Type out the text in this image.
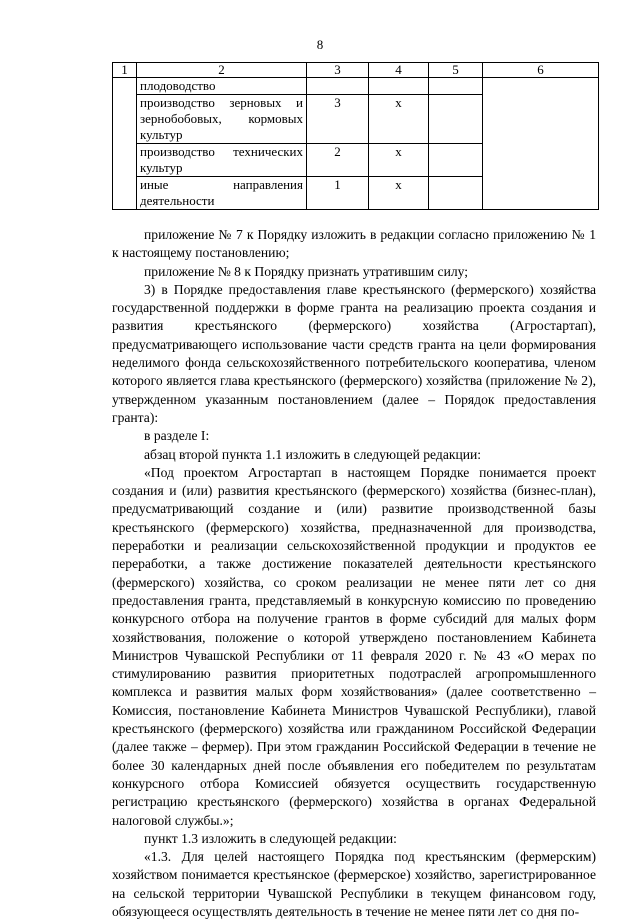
8
1	2	3	4	5	6
	плодоводство				
	производство зерновых и зернобобовых, кормовых культур	3	х		
	производство технических культур	2	х		
	иные направления деятельности	1	х		

приложение № 7 к Порядку изложить в редакции согласно приложению № 1 к настоящему постановлению;

приложение № 8 к Порядку признать утратившим силу;

3) в Порядке предоставления главе крестьянского (фермерского) хозяйства государственной поддержки в форме гранта на реализацию проекта создания и развития крестьянского (фермерского) хозяйства (Агростартап), предусматривающего использование части средств гранта на цели формирования неделимого фонда сельскохозяйственного потребительского кооператива, членом которого является глава крестьянского (фермерского) хозяйства (приложение № 2), утвержденном указанным постановлением (далее – Порядок предоставления гранта):

в разделе I:

абзац второй пункта 1.1 изложить в следующей редакции:

«Под проектом Агростартап в настоящем Порядке понимается проект создания и (или) развития крестьянского (фермерского) хозяйства (бизнес-план), предусматривающий создание и (или) развитие производственной базы крестьянского (фермерского) хозяйства, предназначенной для производства, переработки и реализации сельскохозяйственной продукции и продуктов ее переработки, а также достижение показателей деятельности крестьянского (фермерского) хозяйства, со сроком реализации не менее пяти лет со дня предоставления гранта, представляемый в конкурсную комиссию по проведению конкурсного отбора на получение грантов в форме субсидий для малых форм хозяйствования, положение о которой утверждено постановлением Кабинета Министров Чувашской Республики от 11 февраля 2020 г. № 43 «О мерах по стимулированию развития приоритетных подотраслей агропромышленного комплекса и развития малых форм хозяйствования» (далее соответственно – Комиссия, постановление Кабинета Министров Чувашской Республики), главой крестьянского (фермерского) хозяйства или гражданином Российской Федерации (далее также – фермер). При этом гражданин Российской Федерации в течение не более 30 календарных дней после объявления его победителем по результатам конкурсного отбора Комиссией обязуется осуществить государственную регистрацию крестьянского (фермерского) хозяйства в органах Федеральной налоговой службы.»;

пункт 1.3 изложить в следующей редакции:

«1.3. Для целей настоящего Порядка под крестьянским (фермерским) хозяйством понимается крестьянское (фермерское) хозяйство, зарегистрированное на сельской территории Чувашской Республики в текущем финансовом году, обязующееся осуществлять деятельность в течение не менее пяти лет со дня по-
